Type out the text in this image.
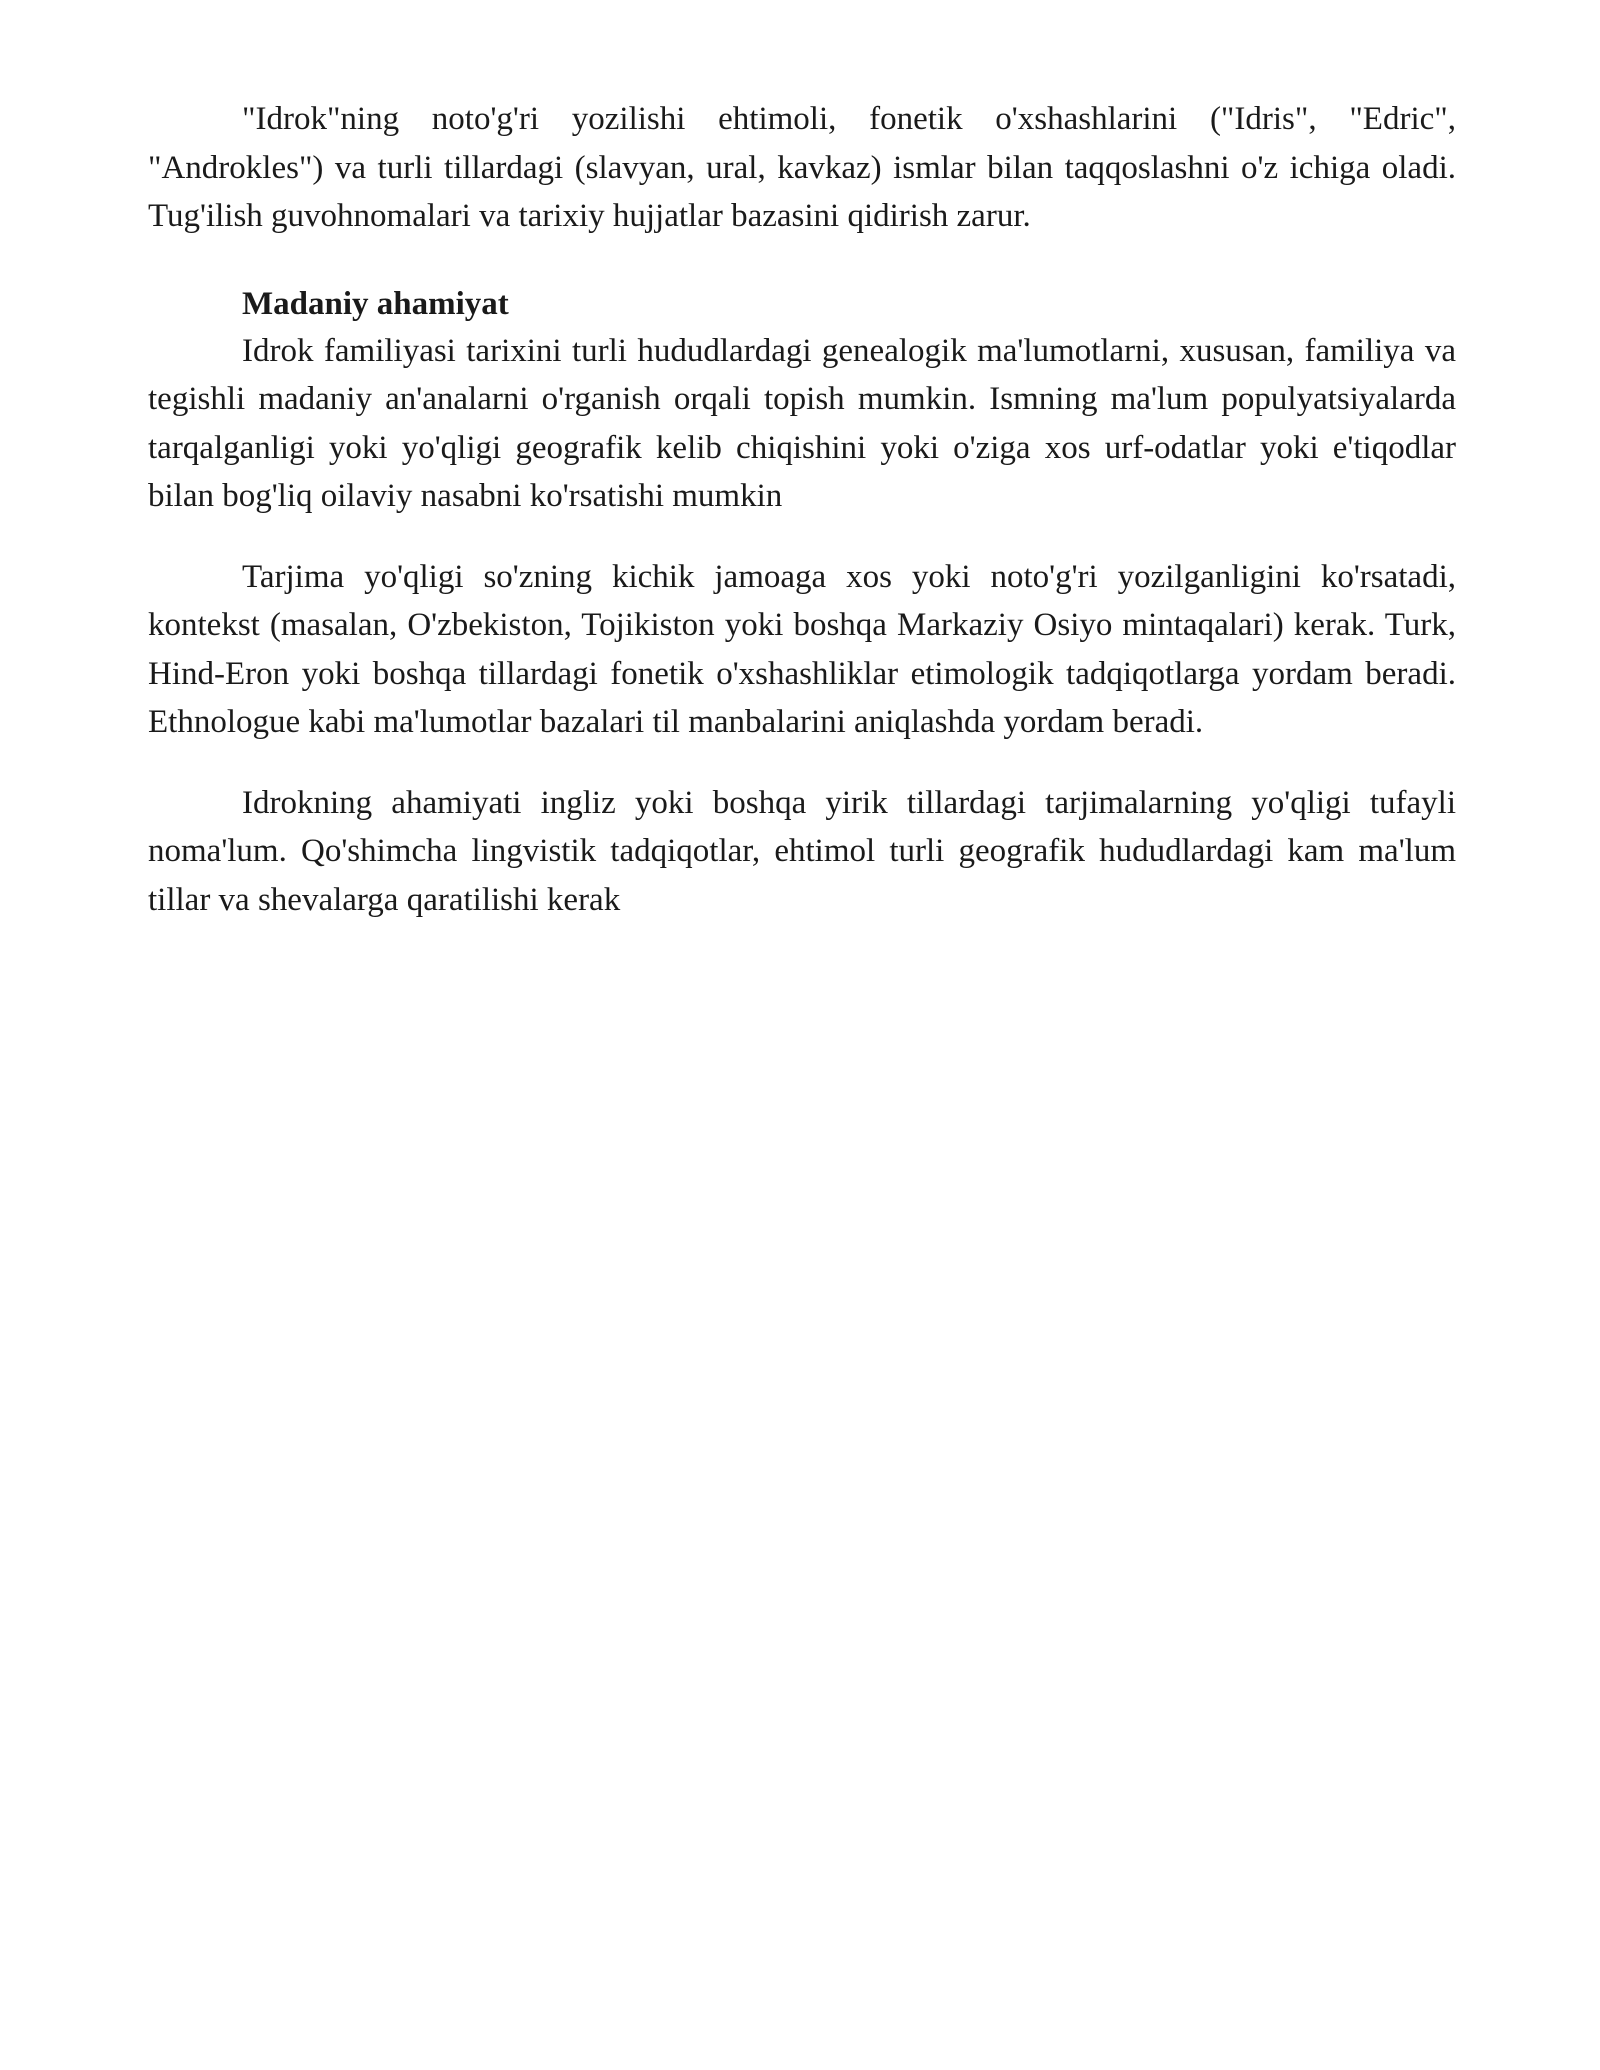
"Idrok"ning noto'g'ri yozilishi ehtimoli, fonetik o'xshashlarini ("Idris", "Edric", "Androkles") va turli tillardagi (slavyan, ural, kavkaz) ismlar bilan taqqoslashni o'z ichiga oladi. Tug'ilish guvohnomalari va tarixiy hujjatlar bazasini qidirish zarur.

Madaniy ahamiyat

Idrok familiyasi tarixini turli hududlardagi genealogik ma'lumotlarni, xususan, familiya va tegishli madaniy an'analarni o'rganish orqali topish mumkin. Ismning ma'lum populyatsiyalarda tarqalganligi yoki yo'qligi geografik kelib chiqishini yoki o'ziga xos urf-odatlar yoki e'tiqodlar bilan bog'liq oilaviy nasabni ko'rsatishi mumkin

Tarjima yo'qligi so'zning kichik jamoaga xos yoki noto'g'ri yozilganligini ko'rsatadi, kontekst (masalan, O'zbekiston, Tojikiston yoki boshqa Markaziy Osiyo mintaqalari) kerak. Turk, Hind-Eron yoki boshqa tillardagi fonetik o'xshashliklar etimologik tadqiqotlarga yordam beradi. Ethnologue kabi ma'lumotlar bazalari til manbalarini aniqlashda yordam beradi.

Idrokning ahamiyati ingliz yoki boshqa yirik tillardagi tarjimalarning yo'qligi tufayli noma'lum. Qo'shimcha lingvistik tadqiqotlar, ehtimol turli geografik hududlardagi kam ma'lum tillar va shevalarga qaratilishi kerak
